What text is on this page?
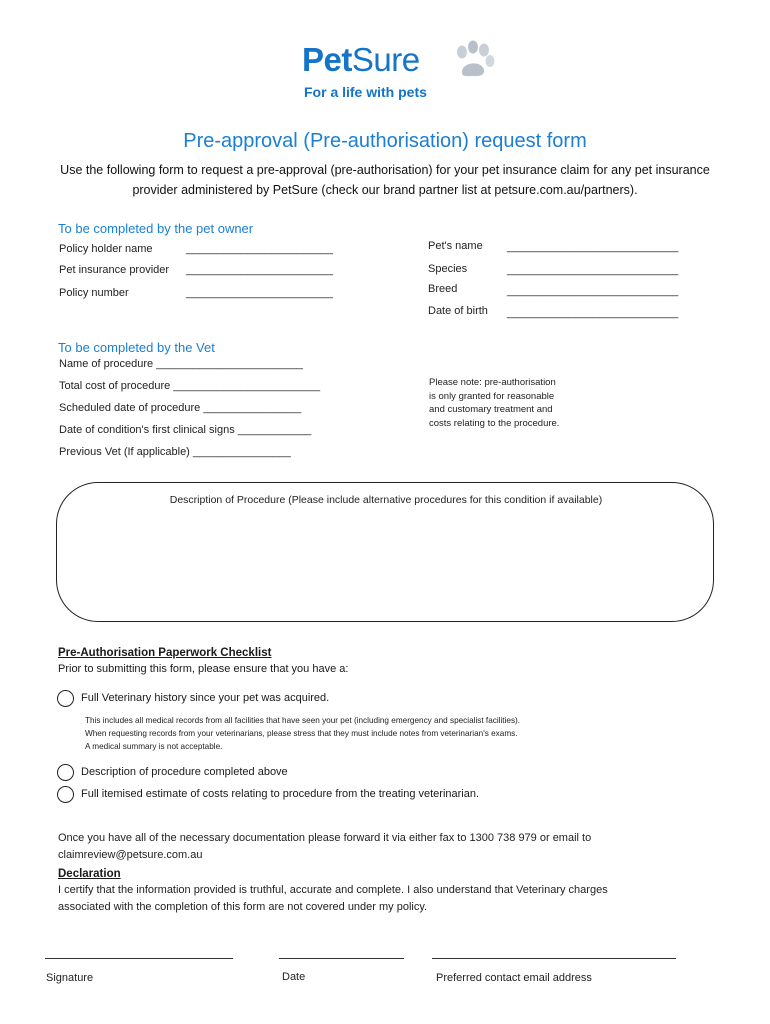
PetSure
For a life with pets
Pre-approval (Pre-authorisation) request form
Use the following form to request a pre-approval (pre-authorisation) for your pet insurance claim for any pet insurance provider administered by PetSure (check our brand partner list at petsure.com.au/partners).
To be completed by the pet owner
Policy holder name	________________________
Pet insurance provider ________________________
Policy number	________________________
Pet's name ____________________________
Species	____________________________
Breed	____________________________
Date of birth ____________________________
To be completed by the Vet
Name of procedure ________________________
Total cost of procedure ________________________
Scheduled date of procedure ________________
Date of condition's first clinical signs ____________
Previous Vet (If applicable) ________________
Please note: pre-authorisation
is only granted for reasonable
and customary treatment and
costs relating to the procedure.
Description of Procedure (Please include alternative procedures for this condition if available)
Pre-Authorisation Paperwork Checklist
Prior to submitting this form, please ensure that you have a:
Full Veterinary history since your pet was acquired.
This includes all medical records from all facilities that have seen your pet (including emergency and specialist facilities).
When requesting records from your veterinarians, please stress that they must include notes from veterinarian's exams.
A medical summary is not acceptable.
Description of procedure completed above
Full itemised estimate of costs relating to procedure from the treating veterinarian.
Once you have all of the necessary documentation please forward it via either fax to 1300 738 979 or email to
claimreview@petsure.com.au
Declaration
I certify that the information provided is truthful, accurate and complete. I also understand that Veterinary charges
associated with the completion of this form are not covered under my policy.
Signature	Date	Preferred contact email address
